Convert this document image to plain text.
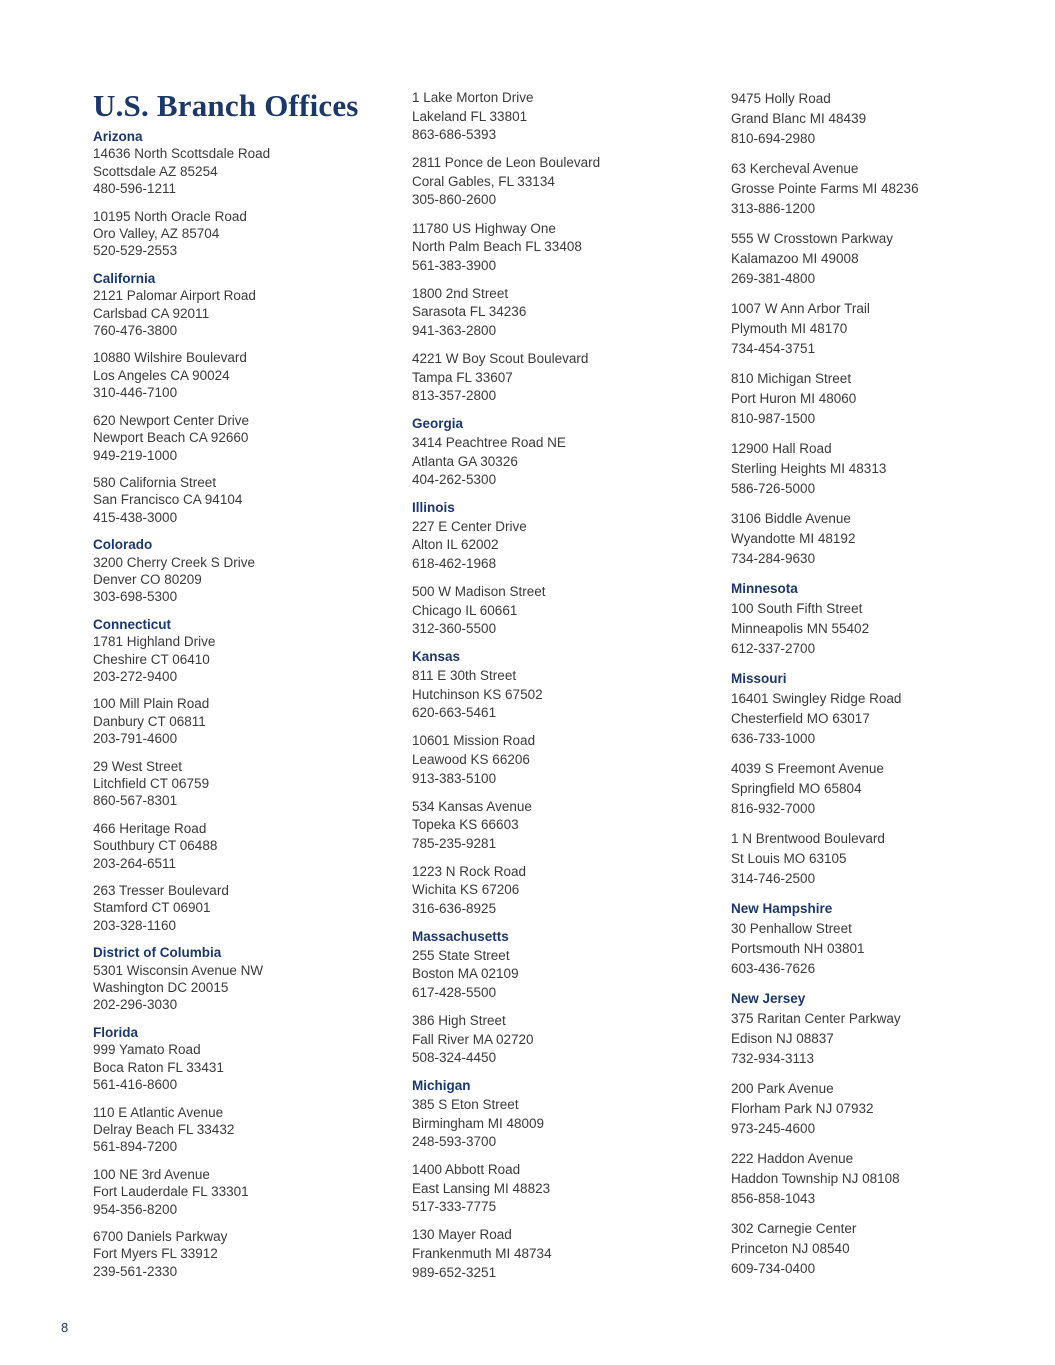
U.S. Branch Offices
Arizona
14636 North Scottsdale Road
Scottsdale AZ 85254
480-596-1211
10195 North Oracle Road
Oro Valley, AZ 85704
520-529-2553
California
2121 Palomar Airport Road
Carlsbad CA 92011
760-476-3800
10880 Wilshire Boulevard
Los Angeles CA 90024
310-446-7100
620 Newport Center Drive
Newport Beach CA 92660
949-219-1000
580 California Street
San Francisco CA 94104
415-438-3000
Colorado
3200 Cherry Creek S Drive
Denver CO 80209
303-698-5300
Connecticut
1781 Highland Drive
Cheshire CT 06410
203-272-9400
100 Mill Plain Road
Danbury CT 06811
203-791-4600
29 West Street
Litchfield CT 06759
860-567-8301
466 Heritage Road
Southbury CT 06488
203-264-6511
263 Tresser Boulevard
Stamford CT 06901
203-328-1160
District of Columbia
5301 Wisconsin Avenue NW
Washington DC 20015
202-296-3030
Florida
999 Yamato Road
Boca Raton FL 33431
561-416-8600
110 E Atlantic Avenue
Delray Beach FL 33432
561-894-7200
100 NE 3rd Avenue
Fort Lauderdale FL 33301
954-356-8200
6700 Daniels Parkway
Fort Myers FL 33912
239-561-2330
1 Lake Morton Drive
Lakeland FL 33801
863-686-5393
2811 Ponce de Leon Boulevard
Coral Gables, FL 33134
305-860-2600
11780 US Highway One
North Palm Beach FL 33408
561-383-3900
1800 2nd Street
Sarasota FL 34236
941-363-2800
4221 W Boy Scout Boulevard
Tampa FL 33607
813-357-2800
Georgia
3414 Peachtree Road NE
Atlanta GA 30326
404-262-5300
Illinois
227 E Center Drive
Alton IL 62002
618-462-1968
500 W Madison Street
Chicago IL 60661
312-360-5500
Kansas
811 E 30th Street
Hutchinson KS 67502
620-663-5461
10601 Mission Road
Leawood KS 66206
913-383-5100
534 Kansas Avenue
Topeka KS 66603
785-235-9281
1223 N Rock Road
Wichita KS 67206
316-636-8925
Massachusetts
255 State Street
Boston MA 02109
617-428-5500
386 High Street
Fall River MA 02720
508-324-4450
Michigan
385 S Eton Street
Birmingham MI 48009
248-593-3700
1400 Abbott Road
East Lansing MI 48823
517-333-7775
130 Mayer Road
Frankenmuth MI 48734
989-652-3251
9475 Holly Road
Grand Blanc MI 48439
810-694-2980
63 Kercheval Avenue
Grosse Pointe Farms MI 48236
313-886-1200
555 W Crosstown Parkway
Kalamazoo MI 49008
269-381-4800
1007 W Ann Arbor Trail
Plymouth MI 48170
734-454-3751
810 Michigan Street
Port Huron MI 48060
810-987-1500
12900 Hall Road
Sterling Heights MI 48313
586-726-5000
3106 Biddle Avenue
Wyandotte MI 48192
734-284-9630
Minnesota
100 South Fifth Street
Minneapolis MN 55402
612-337-2700
Missouri
16401 Swingley Ridge Road
Chesterfield MO 63017
636-733-1000
4039 S Freemont Avenue
Springfield MO 65804
816-932-7000
1 N Brentwood Boulevard
St Louis MO 63105
314-746-2500
New Hampshire
30 Penhallow Street
Portsmouth NH 03801
603-436-7626
New Jersey
375 Raritan Center Parkway
Edison NJ 08837
732-934-3113
200 Park Avenue
Florham Park NJ 07932
973-245-4600
222 Haddon Avenue
Haddon Township NJ 08108
856-858-1043
302 Carnegie Center
Princeton NJ 08540
609-734-0400
8
